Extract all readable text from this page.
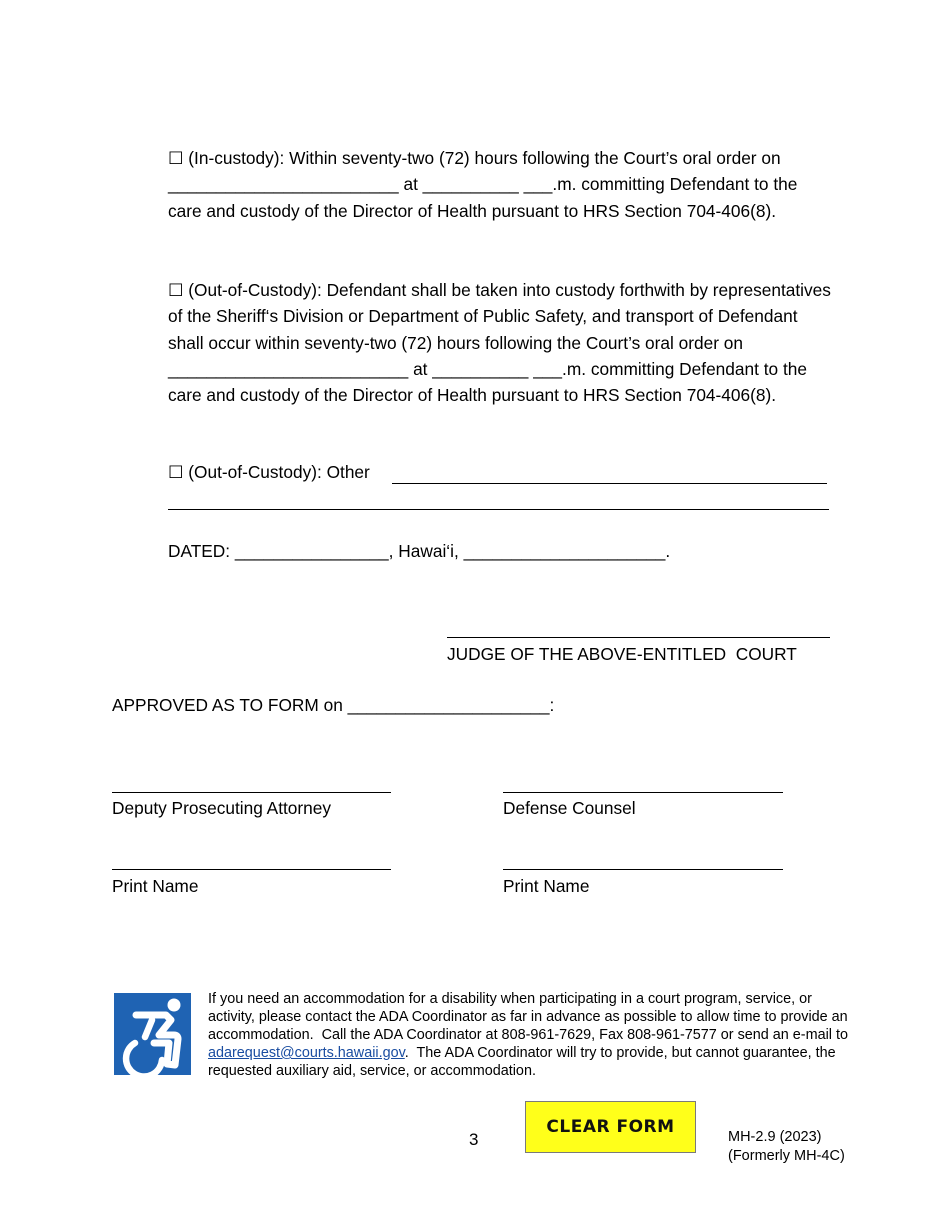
☐ (In-custody): Within seventy-two (72) hours following the Court’s oral order on ________________________ at __________ ___.m. committing Defendant to the care and custody of the Director of Health pursuant to HRS Section 704-406(8).
☐ (Out-of-Custody): Defendant shall be taken into custody forthwith by representatives of the Sheriff‘s Division or Department of Public Safety, and transport of Defendant shall occur within seventy-two (72) hours following the Court’s oral order on _________________________ at __________ ___.m. committing Defendant to the care and custody of the Director of Health pursuant to HRS Section 704-406(8).
☐ (Out-of-Custody): Other
DATED: ________________, Hawai‘i, _____________________.
JUDGE OF THE ABOVE-ENTITLED  COURT
APPROVED AS TO FORM on _____________________:
Deputy Prosecuting Attorney	Defense Counsel
Print Name	Print Name
If you need an accommodation for a disability when participating in a court program, service, or activity, please contact the ADA Coordinator as far in advance as possible to allow time to provide an accommodation.  Call the ADA Coordinator at 808-961-7629, Fax 808-961-7577 or send an e-mail to adarequest@courts.hawaii.gov.  The ADA Coordinator will try to provide, but cannot guarantee, the requested auxiliary aid, service, or accommodation.
3
CLEAR FORM	MH-2.9 (2023)
(Formerly MH-4C)
